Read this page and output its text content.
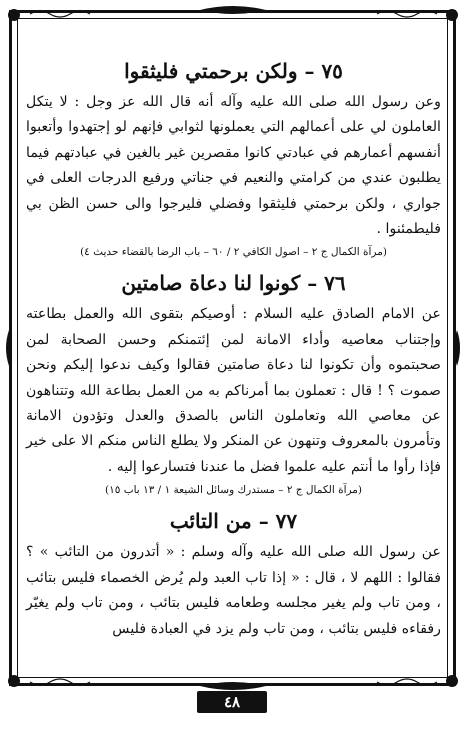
٧٥ – ولكن برحمتي فليثقوا

وعن رسول الله صلى الله عليه وآله أنه قال الله عز وجل : لا يتكل العاملون لي على أعمالهم التي يعملونها لثوابي فإنهم لو إجتهدوا وأتعبوا أنفسهم أعمارهم في عبادتي كانوا مقصرين غير بالغين في عبادتهم فيما يطلبون عندي من كرامتي والنعيم في جناتي ورفيع الدرجات العلى في جواري ، ولكن برحمتي فليثقوا وفضلي فليرجوا والى حسن الظن بي فليطمئنوا .

(مرآة الكمال ج ٢ – اصول الكافي ٢ / ٦٠ – باب الرضا بالقضاء حديث ٤)
٧٦ – كونوا لنا دعاة صامتين

عن الامام الصادق عليه السلام : أوصيكم بتقوى الله والعمل بطاعته وإجتناب معاصيه وأداء الامانة لمن إئتمنكم وحسن الصحابة لمن صحبتموه وأن تكونوا لنا دعاة صامتين فقالوا وكيف ندعوا إليكم ونحن صموت ؟ ! قال : تعملون بما أمرناكم به من العمل بطاعة الله وتتناهون عن معاصي الله وتعاملون الناس بالصدق والعدل وتؤدون الامانة وتأمرون بالمعروف وتنهون عن المنكر ولا يطلع الناس منكم الا على خير فإذا رأوا ما أنتم عليه علموا فضل ما عندنا فتسارعوا إليه .

(مرآة الكمال ج ٢ – مستدرك وسائل الشيعة ١ / ١٣ باب ١٥)
٧٧ – من التائب

عن رسول الله صلى الله عليه وآله وسلم : « أتدرون من التائب » ؟ فقالوا : اللهم لا ، قال : « إذا تاب العبد ولم يُرض الخصماء فليس بتائب ، ومن تاب ولم يغير مجلسه وطعامه فليس بتائب ، ومن تاب ولم يغيّر رفقاءه فليس بتائب ، ومن تاب ولم يزد في العبادة فليس

٤٨
